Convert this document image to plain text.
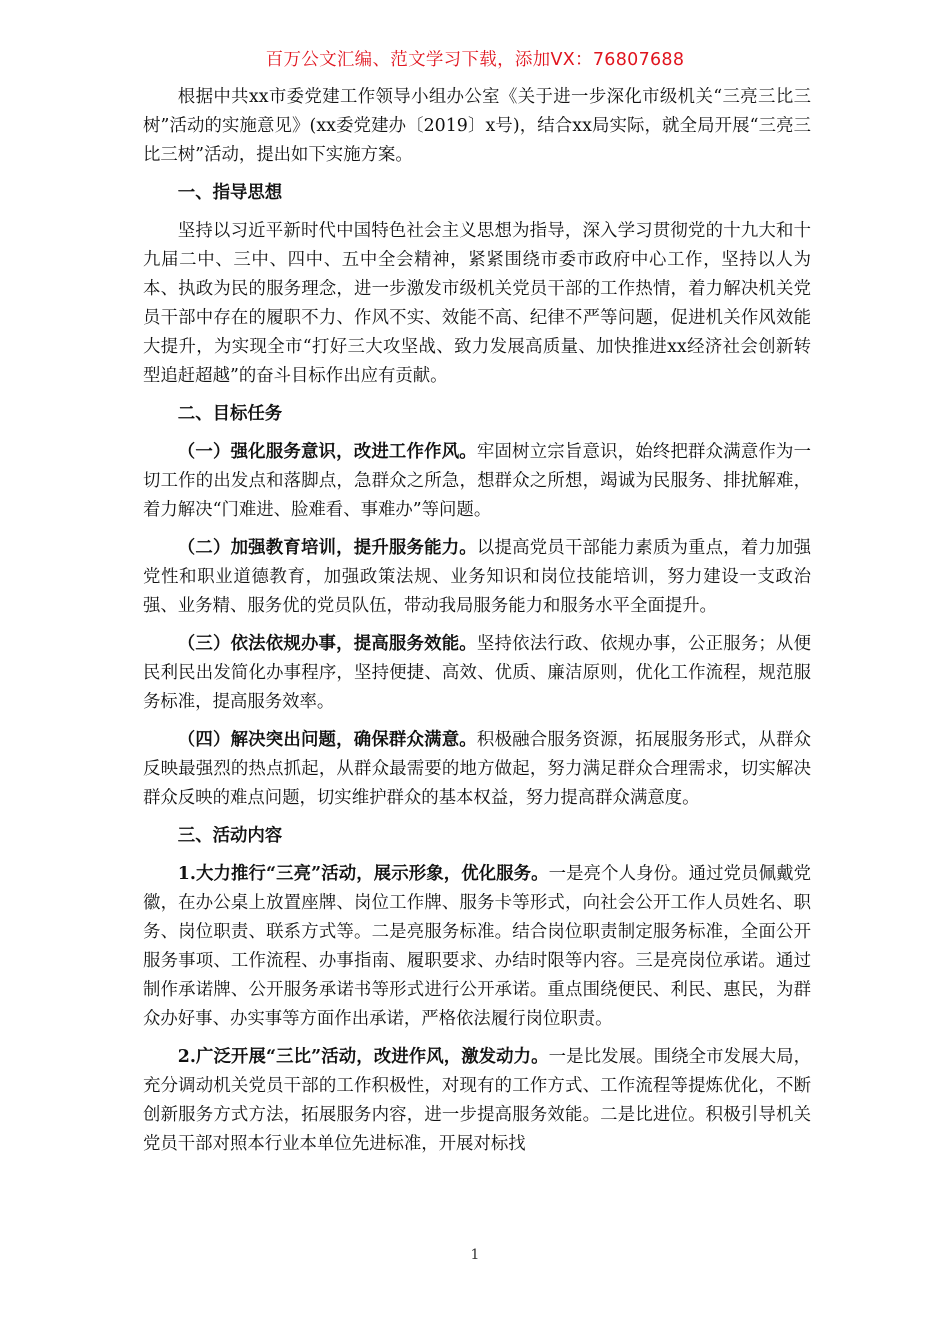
百万公文汇编、范文学习下载，添加VX：76807688

根据中共xx市委党建工作领导小组办公室《关于进一步深化市级机关“三亮三比三树”活动的实施意见》(xx委党建办〔2019〕x号)，结合xx局实际，就全局开展“三亮三比三树”活动，提出如下实施方案。

一、指导思想

坚持以习近平新时代中国特色社会主义思想为指导，深入学习贯彻党的十九大和十九届二中、三中、四中、五中全会精神，紧紧围绕市委市政府中心工作，坚持以人为本、执政为民的服务理念，进一步激发市级机关党员干部的工作热情，着力解决机关党员干部中存在的履职不力、作风不实、效能不高、纪律不严等问题，促进机关作风效能大提升，为实现全市“打好三大攻坚战、致力发展高质量、加快推进xx经济社会创新转型追赶超越”的奋斗目标作出应有贡献。

二、目标任务

（一）强化服务意识，改进工作作风。牢固树立宗旨意识，始终把群众满意作为一切工作的出发点和落脚点，急群众之所急，想群众之所想，竭诚为民服务、排扰解难，着力解决“门难进、脸难看、事难办”等问题。

（二）加强教育培训，提升服务能力。以提高党员干部能力素质为重点，着力加强党性和职业道德教育，加强政策法规、业务知识和岗位技能培训，努力建设一支政治强、业务精、服务优的党员队伍，带动我局服务能力和服务水平全面提升。

（三）依法依规办事，提高服务效能。坚持依法行政、依规办事，公正服务；从便民利民出发简化办事程序，坚持便捷、高效、优质、廉洁原则，优化工作流程，规范服务标准，提高服务效率。

（四）解决突出问题，确保群众满意。积极融合服务资源，拓展服务形式，从群众反映最强烈的热点抓起，从群众最需要的地方做起，努力满足群众合理需求，切实解决群众反映的难点问题，切实维护群众的基本权益，努力提高群众满意度。

三、活动内容

1.大力推行“三亮”活动，展示形象，优化服务。一是亮个人身份。通过党员佩戴党徽，在办公桌上放置座牌、岗位工作牌、服务卡等形式，向社会公开工作人员姓名、职务、岗位职责、联系方式等。二是亮服务标准。结合岗位职责制定服务标准，全面公开服务事项、工作流程、办事指南、履职要求、办结时限等内容。三是亮岗位承诺。通过制作承诺牌、公开服务承诺书等形式进行公开承诺。重点围绕便民、利民、惠民，为群众办好事、办实事等方面作出承诺，严格依法履行岗位职责。

2.广泛开展“三比”活动，改进作风，激发动力。一是比发展。围绕全市发展大局，充分调动机关党员干部的工作积极性，对现有的工作方式、工作流程等提炼优化，不断创新服务方式方法，拓展服务内容，进一步提高服务效能。二是比进位。积极引导机关党员干部对照本行业本单位先进标准，开展对标找

1
